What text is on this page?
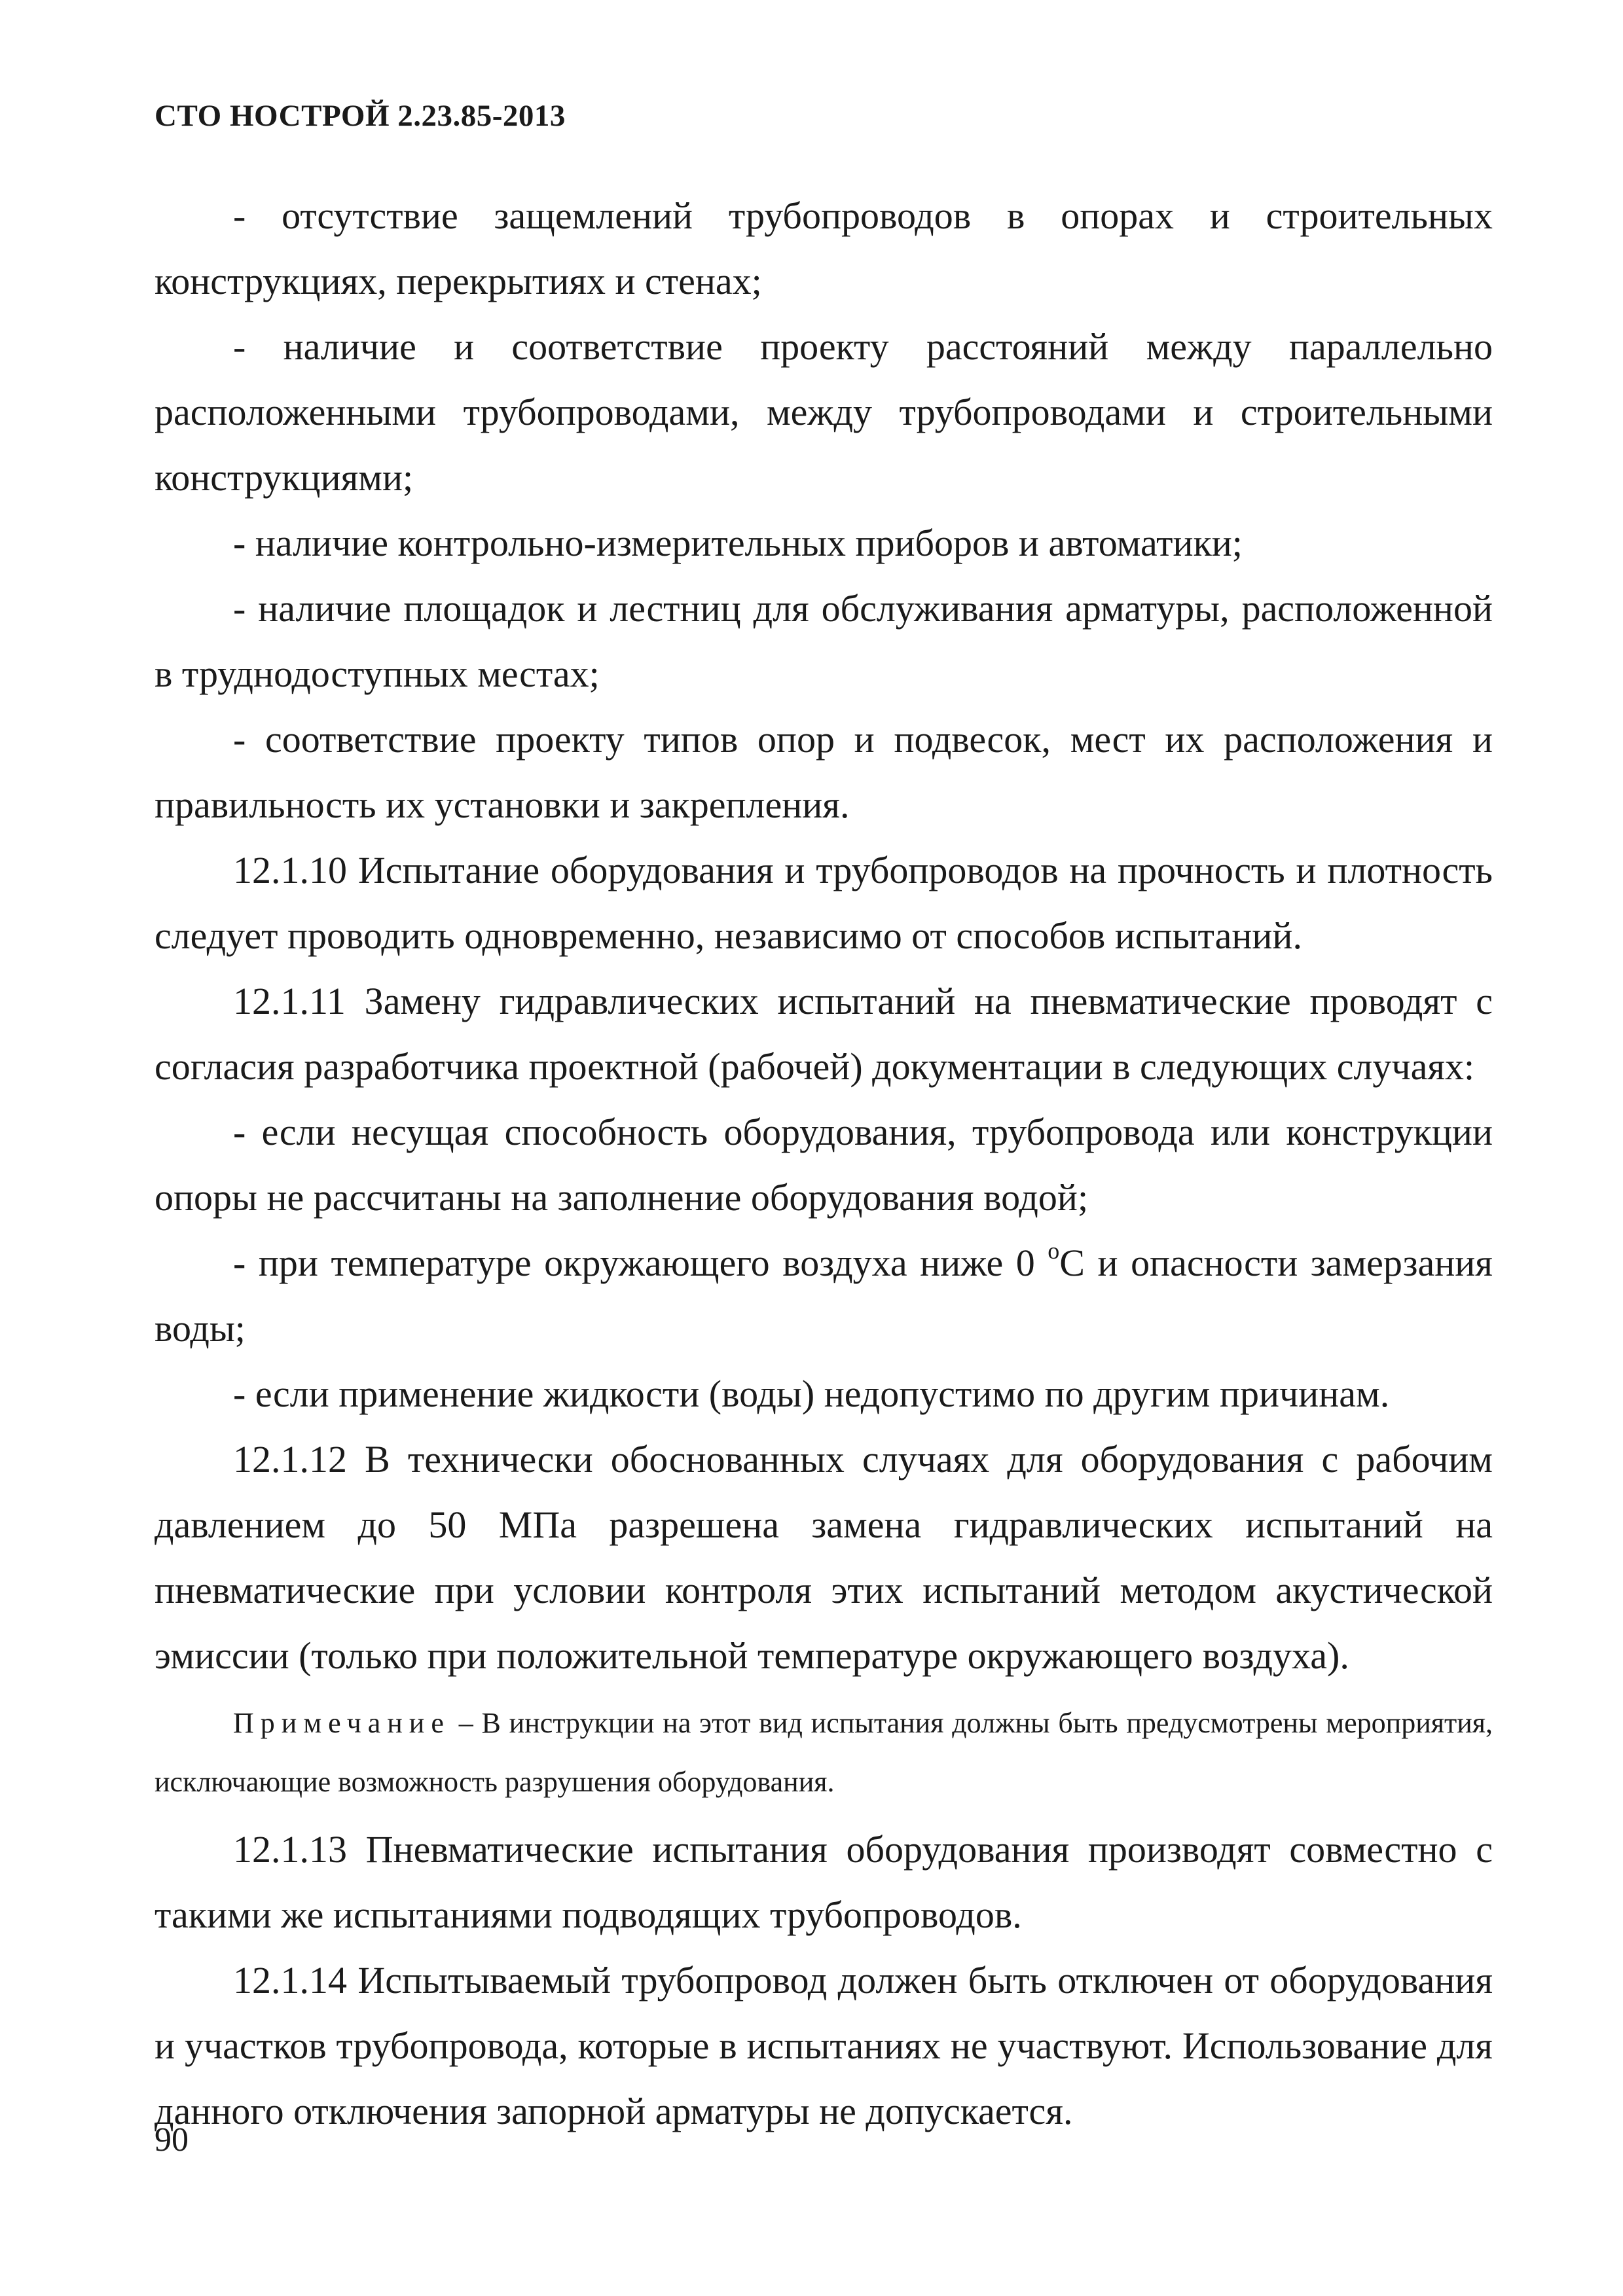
СТО НОСТРОЙ 2.23.85-2013

- отсутствие защемлений трубопроводов в опорах и строительных конструкциях, перекрытиях и стенах;

- наличие и соответствие проекту расстояний между параллельно расположенными трубопроводами, между трубопроводами и строительными конструкциями;

- наличие контрольно-измерительных приборов и автоматики;

- наличие площадок и лестниц для обслуживания арматуры, расположенной в труднодоступных местах;

- соответствие проекту типов опор и подвесок, мест их расположения и правильность их установки и закрепления.

12.1.10 Испытание оборудования и трубопроводов на прочность и плотность следует проводить одновременно, независимо от способов испытаний.

12.1.11 Замену гидравлических испытаний на пневматические проводят с согласия разработчика проектной (рабочей) документации в следующих случаях:

- если несущая способность оборудования, трубопровода или конструкции опоры не рассчитаны на заполнение оборудования водой;

- при температуре окружающего воздуха ниже 0 $^о$С и опасности замерзания воды;

- если применение жидкости (воды) недопустимо по другим причинам.

12.1.12 В технически обоснованных случаях для оборудования с рабочим давлением до 50 МПа разрешена замена гидравлических испытаний на пневматические при условии контроля этих испытаний методом акустической эмиссии (только при положительной температуре окружающего воздуха).

Примечание – В инструкции на этот вид испытания должны быть предусмотрены мероприятия, исключающие возможность разрушения оборудования.

12.1.13 Пневматические испытания оборудования производят совместно с такими же испытаниями подводящих трубопроводов.

12.1.14 Испытываемый трубопровод должен быть отключен от оборудования и участков трубопровода, которые в испытаниях не участвуют. Использование для данного отключения запорной арматуры не допускается.

90
